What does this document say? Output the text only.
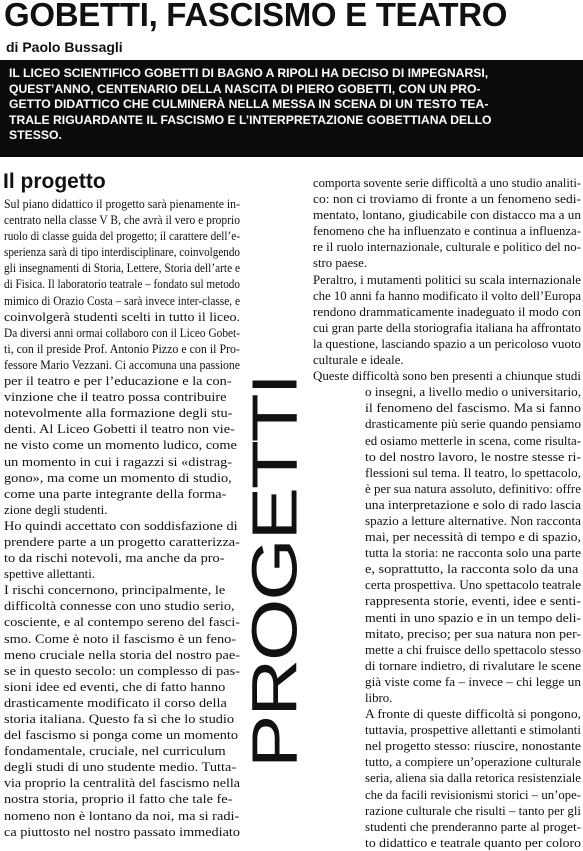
GOBETTI, FASCISMO E TEATRO
di Paolo Bussagli
IL LICEO SCIENTIFICO GOBETTI DI BAGNO A RIPOLI HA DECISO DI IMPEGNARSI,
QUEST’ANNO, CENTENARIO DELLA NASCITA DI PIERO GOBETTI, CON UN PRO-
GETTO DIDATTICO CHE CULMINERÀ NELLA MESSA IN SCENA DI UN TESTO TEA-
TRALE RIGUARDANTE IL FASCISMO E L’INTERPRETAZIONE GOBETTIANA DELLO
STESSO.
Il progetto
Sul piano didattico il progetto sarà pienamente in-
centrato nella classe V B, che avrà il vero e proprio
ruolo di classe guida del progetto; il carattere dell’e-
sperienza sarà di tipo interdisciplinare, coinvolgendo
gli insegnamenti di Storia, Lettere, Storia dell’arte e
di Fisica. Il laboratorio teatrale – fondato sul metodo
mimico di Orazio Costa – sarà invece inter-classe, e
coinvolgerà studenti scelti in tutto il liceo.
Da diversi anni ormai collaboro con il Liceo Gobet-
ti, con il preside Prof. Antonio Pizzo e con il Pro-
fessore Mario Vezzani. Ci accomuna una passione
per il teatro e per l’educazione e la con-
vinzione che il teatro possa contribuire
notevolmente alla formazione degli stu-
denti. Al Liceo Gobetti il teatro non vie-
ne visto come un momento ludico, come
un momento in cui i ragazzi si «distrag-
gono», ma come un momento di studio,
come una parte integrante della forma-
zione degli studenti.
Ho quindi accettato con soddisfazione di
prendere parte a un progetto caratterizza-
to da rischi notevoli, ma anche da pro-
spettive allettanti.
I rischi concernono, principalmente, le
difficoltà connesse con uno studio serio,
cosciente, e al contempo sereno del fasci-
smo. Come è noto il fascismo è un feno-
meno cruciale nella storia del nostro pae-
se in questo secolo: un complesso di pas-
sioni idee ed eventi, che di fatto hanno
drasticamente modificato il corso della
storia italiana. Questo fa sì che lo studio
del fascismo si ponga come un momento
fondamentale, cruciale, nel curriculum
degli studi di uno studente medio. Tutta-
via proprio la centralità del fascismo nella
nostra storia, proprio il fatto che tale fe-
nomeno non è lontano da noi, ma si radi-
ca piuttosto nel nostro passato immediato
comporta sovente serie difficoltà a uno studio analiti-
co: non ci troviamo di fronte a un fenomeno sedi-
mentato, lontano, giudicabile con distacco ma a un
fenomeno che ha influenzato e continua a influenza-
re il ruolo internazionale, culturale e politico del no-
stro paese.
Peraltro, i mutamenti politici su scala internazionale
che 10 anni fa hanno modificato il volto dell’Europa
rendono drammaticamente inadeguato il modo con
cui gran parte della storiografia italiana ha affrontato
la questione, lasciando spazio a un pericoloso vuoto
culturale e ideale.
Queste difficoltà sono ben presenti a chiunque studi
o insegni, a livello medio o universitario,
il fenomeno del fascismo. Ma si fanno
drasticamente più serie quando pensiamo
ed osiamo metterle in scena, come risulta-
to del nostro lavoro, le nostre stesse ri-
flessioni sul tema. Il teatro, lo spettacolo,
è per sua natura assoluto, definitivo: offre
una interpretazione e solo di rado lascia
spazio a letture alternative. Non racconta
mai, per necessità di tempo e di spazio,
tutta la storia: ne racconta solo una parte
e, soprattutto, la racconta solo da una
certa prospettiva. Uno spettacolo teatrale
rappresenta storie, eventi, idee e senti-
menti in uno spazio e in un tempo deli-
mitato, preciso; per sua natura non per-
mette a chi fruisce dello spettacolo stesso
di tornare indietro, di rivalutare le scene
già viste come fa – invece – chi legge un
libro.
A fronte di queste difficoltà si pongono,
tuttavia, prospettive allettanti e stimolanti
nel progetto stesso: riuscire, nonostante
tutto, a compiere un’operazione culturale
seria, aliena sia dalla retorica resistenziale
che da facili revisionismi storici – un’ope-
razione culturale che risulti – tanto per gli
studenti che prenderanno parte al proget-
to didattico e teatrale quanto per coloro
PROGETTI
